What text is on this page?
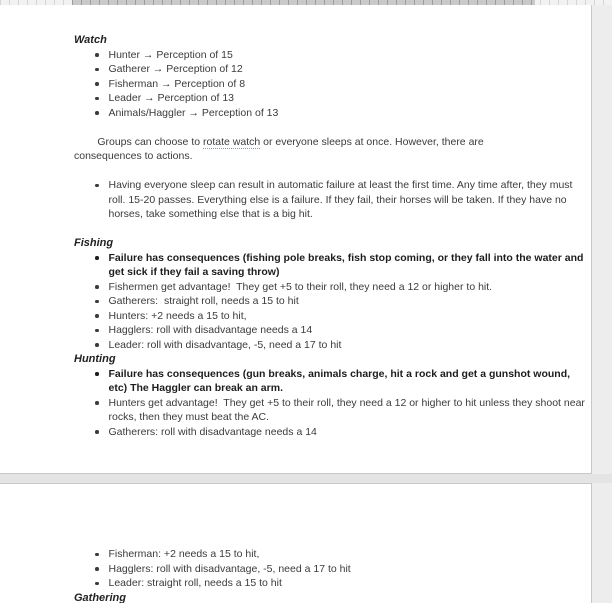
Watch
Hunter → Perception of 15
Gatherer → Perception of 12
Fisherman → Perception of 8
Leader → Perception of 13
Animals/Haggler → Perception of 13

Groups can choose to rotate watch or everyone sleeps at once. However, there are consequences to actions.

Having everyone sleep can result in automatic failure at least the first time. Any time after, they must roll. 15-20 passes. Everything else is a failure. If they fail, their horses will be taken. If they have no horses, take something else that is a big hit.
Fishing
Failure has consequences (fishing pole breaks, fish stop coming, or they fall into the water and get sick if they fail a saving throw)
Fishermen get advantage!  They get +5 to their roll, they need a 12 or higher to hit.
Gatherers:  straight roll, needs a 15 to hit
Hunters: +2 needs a 15 to hit,
Hagglers: roll with disadvantage needs a 14
Leader: roll with disadvantage, -5, need a 17 to hit
Hunting
Failure has consequences (gun breaks, animals charge, hit a rock and get a gunshot wound, etc) The Haggler can break an arm.
Hunters get advantage!  They get +5 to their roll, they need a 12 or higher to hit unless they shoot near rocks, then they must beat the AC.
Gatherers: roll with disadvantage needs a 14
Fisherman: +2 needs a 15 to hit,
Hagglers: roll with disadvantage, -5, need a 17 to hit
Leader: straight roll, needs a 15 to hit
Gathering
